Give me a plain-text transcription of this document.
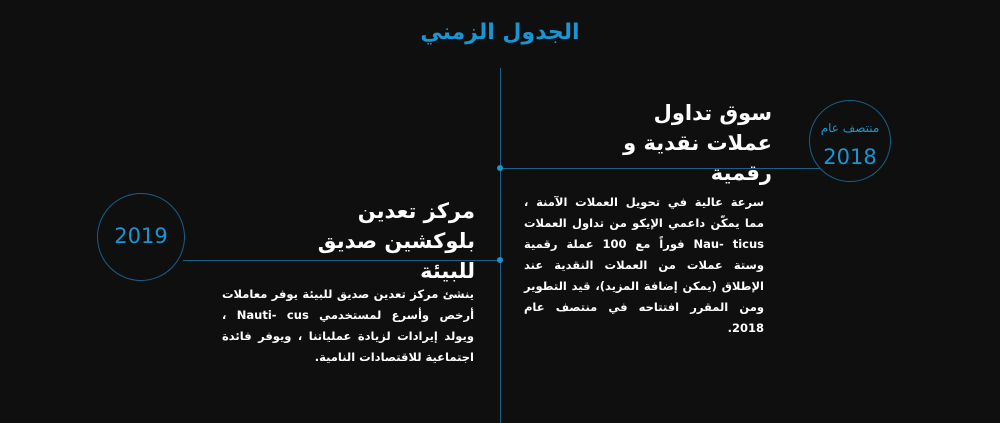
الجدول الزمني
منتصف عام
2018
سوق تداول عملات نقدية و رقمية
سرعة عالية في تحويل العملات الآمنة ، مما يمكّن داعمي الإيكو من تداول العملات Nau- ticus فوراً مع 100 عملة رقمية وستة عملات من العملات النقدية عند الإطلاق (يمكن إضافة المزيد)، قيد التطوير ومن المقرر افتتاحه في منتصف عام 2018.
2019
مركز تعدين بلوكشين صديق للبيئة
ينشئ مركز تعدين صديق للبيئة يوفر معاملات أرخص وأسرع لمستخدمي Nauti- cus ، ويولد إيرادات لزيادة عملياتنا ، ويوفر فائدة اجتماعية للاقتصادات النامية.
